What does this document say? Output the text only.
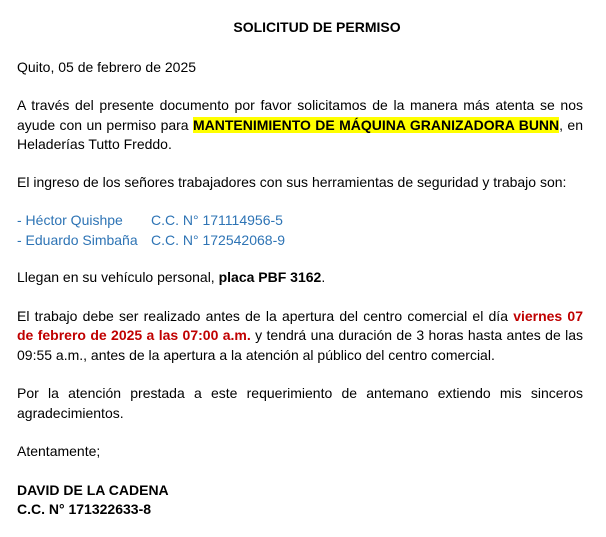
SOLICITUD DE PERMISO
Quito, 05 de febrero de 2025
A través del presente documento por favor solicitamos de la manera más atenta se nos ayude con un permiso para MANTENIMIENTO DE MÁQUINA GRANIZADORA BUNN, en Heladerías Tutto Freddo.
El ingreso de los señores trabajadores con sus herramientas de seguridad y trabajo son:
- Héctor Quishpe	C.C. N° 171114956-5
- Eduardo Simbaña C.C. N° 172542068-9
Llegan en su vehículo personal, placa PBF 3162.
El trabajo debe ser realizado antes de la apertura del centro comercial el día viernes 07 de febrero de 2025 a las 07:00 a.m. y tendrá una duración de 3 horas hasta antes de las 09:55 a.m., antes de la apertura a la atención al público del centro comercial.
Por la atención prestada a este requerimiento de antemano extiendo mis sinceros agradecimientos.
Atentamente;
DAVID DE LA CADENA
C.C. N° 171322633-8
